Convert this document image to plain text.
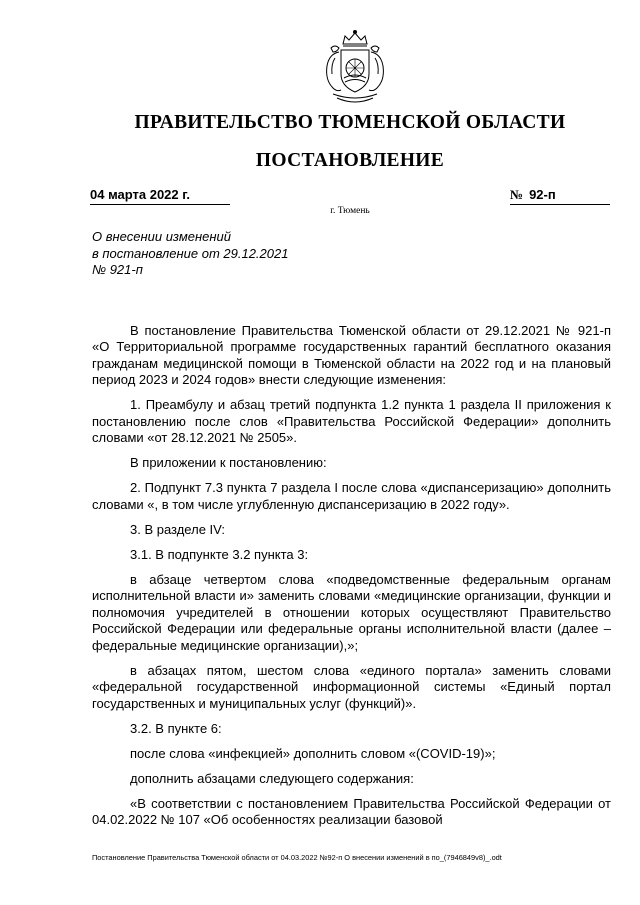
ПРАВИТЕЛЬСТВО ТЮМЕНСКОЙ ОБЛАСТИ
ПОСТАНОВЛЕНИЕ
04 марта 2022 г.	№ 92-п
г. Тюмень
О внесении изменений
в постановление от 29.12.2021
№ 921-п

В постановление Правительства Тюменской области от 29.12.2021 № 921-п «О Территориальной программе государственных гарантий бесплатного оказания гражданам медицинской помощи в Тюменской области на 2022 год и на плановый период 2023 и 2024 годов» внести следующие изменения:

1. Преамбулу и абзац третий подпункта 1.2 пункта 1 раздела II приложения к постановлению после слов «Правительства Российской Федерации» дополнить словами «от 28.12.2021 № 2505».

В приложении к постановлению:

2. Подпункт 7.3 пункта 7 раздела I после слова «диспансеризацию» дополнить словами «, в том числе углубленную диспансеризацию в 2022 году».

3. В разделе IV:

3.1. В подпункте 3.2 пункта 3:

в абзаце четвертом слова «подведомственные федеральным органам исполнительной власти и» заменить словами «медицинские организации, функции и полномочия учредителей в отношении которых осуществляют Правительство Российской Федерации или федеральные органы исполнительной власти (далее – федеральные медицинские организации),»;

в абзацах пятом, шестом слова «единого портала» заменить словами «федеральной государственной информационной системы «Единый портал государственных и муниципальных услуг (функций)».

3.2. В пункте 6:

после слова «инфекцией» дополнить словом «(COVID-19)»;

дополнить абзацами следующего содержания:

«В соответствии с постановлением Правительства Российской Федерации от 04.02.2022 № 107 «Об особенностях реализации базовой

Постановление Правительства Тюменской области от 04.03.2022 №92-п О внесении изменений в по_(7946849v8)_.odt
